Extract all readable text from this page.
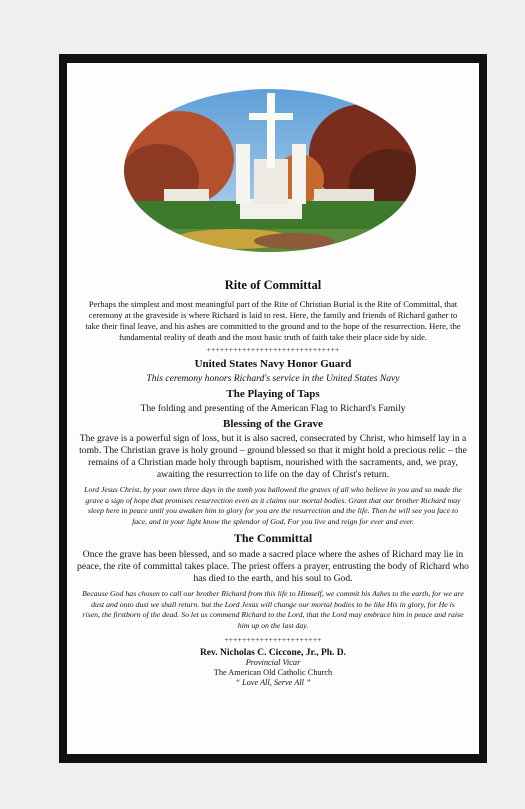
Rite of Committal
Perhaps the simplest and most meaningful part of the Rite of Christian Burial is the Rite of Committal, that ceremony at the graveside is where Richard is laid to rest. Here, the family and friends of Richard gather to take their final leave, and his ashes are committed to the ground and to the hope of the resurrection. Here, the fundamental reality of death and the most basic truth of faith take their place side by side.
++++++++++++++++++++++++++++++
United States Navy Honor Guard
This ceremony honors Richard's service in the United States Navy
The Playing of Taps
The folding and presenting of the American Flag to Richard's Family
Blessing of the Grave
The grave is a powerful sign of loss, but it is also sacred, consecrated by Christ, who himself lay in a tomb. The Christian grave is holy ground – ground blessed so that it might hold a precious relic – the remains of a Christian made holy through baptism, nourished with the sacraments, and, we pray, awaiting the resurrection to life on the day of Christ's return.
Lord Jesus Christ, by your own three days in the tomb you hallowed the graves of all who believe in you and so made the grave a sign of hope that promises resurrection even as it claims our mortal bodies. Grant that our brother Richard may sleep here in peace until you awaken him to glory for you are the resurrection and the life. Then he will see you face to face, and in your light know the splendor of God, For you live and reign for ever and ever.
The Committal
Once the grave has been blessed, and so made a sacred place where the ashes of Richard may lie in peace, the rite of committal takes place. The priest offers a prayer, entrusting the body of Richard who has died to the earth, and his soul to God.
Because God has chosen to call our brother Richard from this life to Himself, we commit his Ashes to the earth, for we are dust and onto dust we shall return. but the Lord Jesus will change our mortal bodies to be like His in glory, for He is risen, the firstborn of the dead. So let us commend Richard to the Lord, that the Lord may embrace him in peace and raise him up on the last day.
++++++++++++++++++++++
Rev. Nicholas C. Ciccone, Jr., Ph. D.
Provincial Vicar
The American Old Catholic Church
“ Love All, Serve All ”
